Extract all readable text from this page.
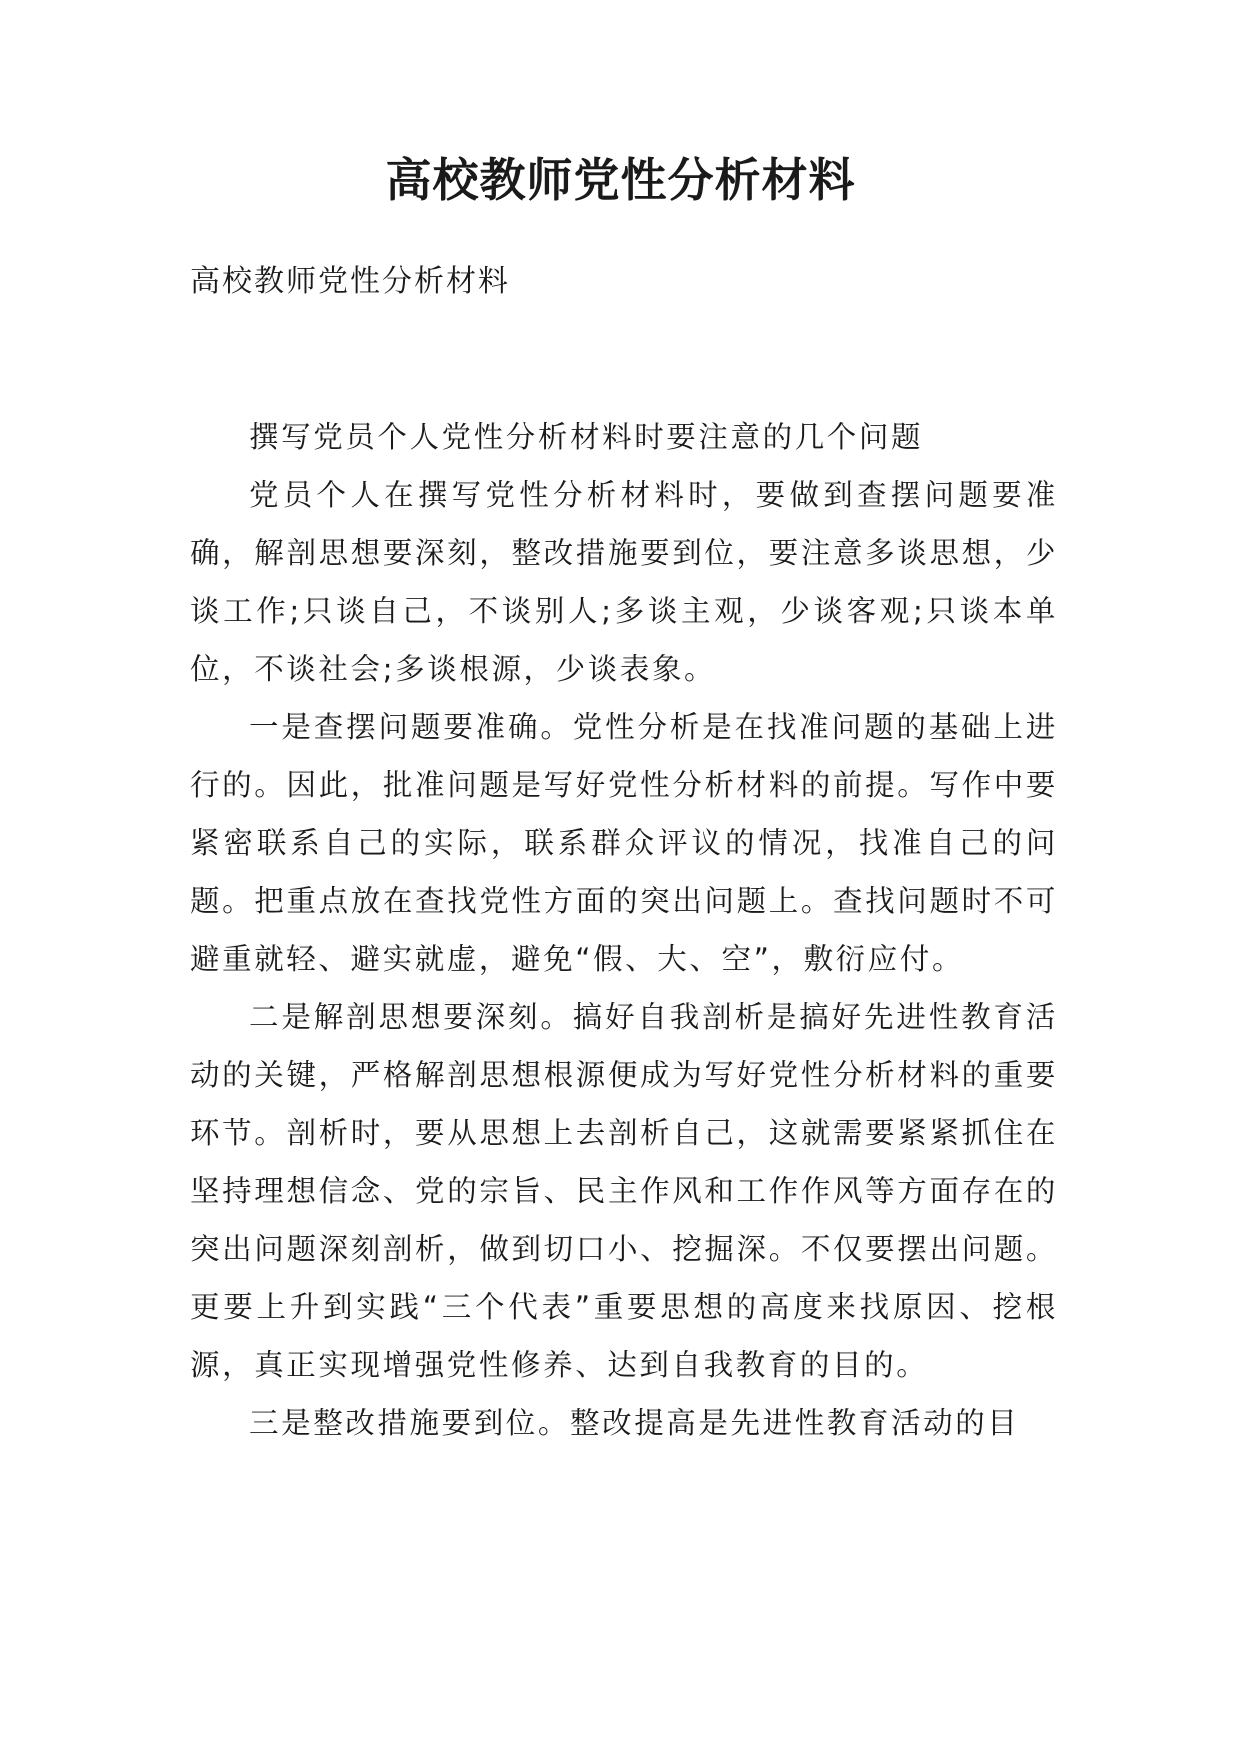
高校教师党性分析材料
高校教师党性分析材料

撰写党员个人党性分析材料时要注意的几个问题

党员个人在撰写党性分析材料时，要做到查摆问题要准确，解剖思想要深刻，整改措施要到位，要注意多谈思想，少谈工作;只谈自己，不谈别人;多谈主观，少谈客观;只谈本单位，不谈社会;多谈根源，少谈表象。

一是查摆问题要准确。党性分析是在找准问题的基础上进行的。因此，批准问题是写好党性分析材料的前提。写作中要紧密联系自己的实际，联系群众评议的情况，找准自己的问题。把重点放在查找党性方面的突出问题上。查找问题时不可避重就轻、避实就虚，避免“假、大、空”，敷衍应付。

二是解剖思想要深刻。搞好自我剖析是搞好先进性教育活动的关键，严格解剖思想根源便成为写好党性分析材料的重要环节。剖析时，要从思想上去剖析自己，这就需要紧紧抓住在坚持理想信念、党的宗旨、民主作风和工作作风等方面存在的突出问题深刻剖析，做到切口小、挖掘深。不仅要摆出问题。更要上升到实践“三个代表”重要思想的高度来找原因、挖根源，真正实现增强党性修养、达到自我教育的目的。

三是整改措施要到位。整改提高是先进性教育活动的目
